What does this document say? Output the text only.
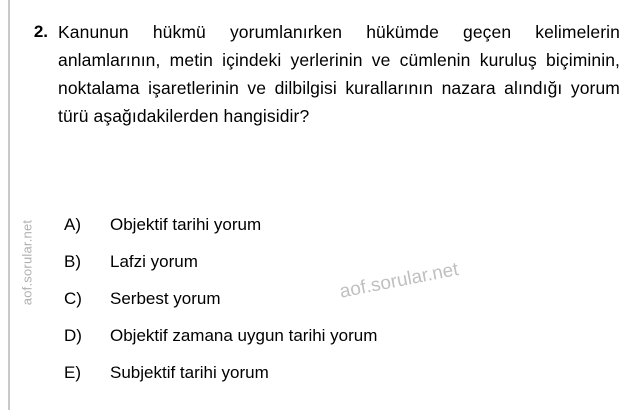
aof.sorular.net
2. Kanunun hükmü yorumlanırken hükümde geçen kelimelerin anlamlarının, metin içindeki yerlerinin ve cümlenin kuruluş biçiminin, noktalama işaretlerinin ve dilbilgisi kurallarının nazara alındığı yorum türü aşağıdakilerden hangisidir?
A)	Objektif tarihi yorum
B)	Lafzi yorum
C)	Serbest yorum
D)	Objektif zamana uygun tarihi yorum
E)	Subjektif tarihi yorum
aof.sorular.net
